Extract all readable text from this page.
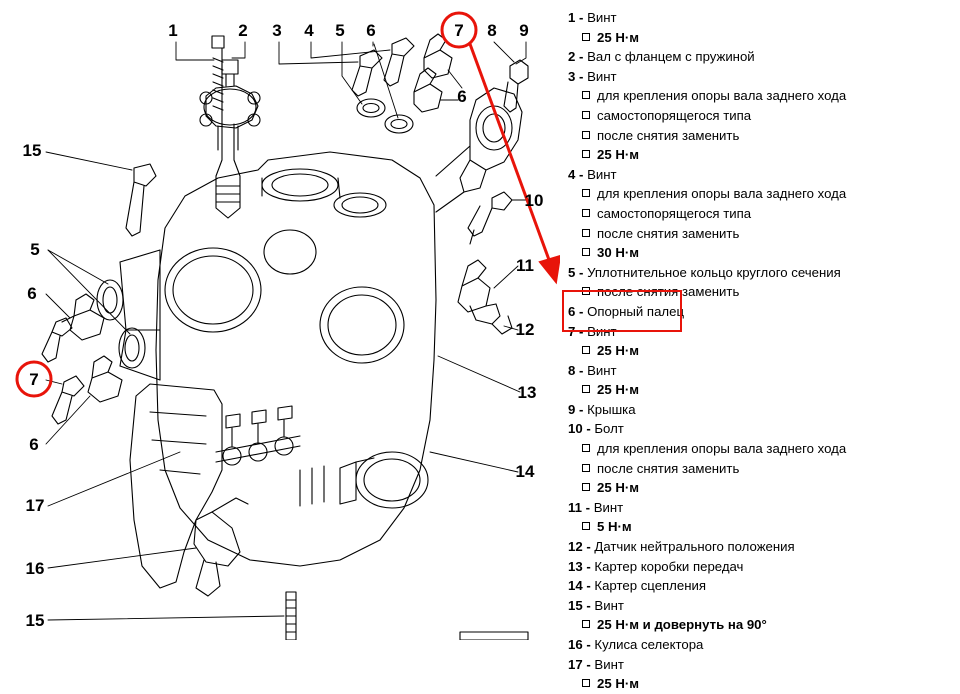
1	2 3 4 5 6	7 8 9
6
10
11
12
13
14
15
5
6
7
6
17
16
15
1 - Винт
25 Н·м
2 - Вал с фланцем с пружиной
3 - Винт
для крепления опоры вала заднего хода
самостопорящегося типа
после снятия заменить
25 Н·м
4 - Винт
для крепления опоры вала заднего хода
самостопорящегося типа
после снятия заменить
30 Н·м
5 - Уплотнительное кольцо круглого сечения
после снятия заменить
6 - Опорный палец
7 - Винт
25 Н·м
8 - Винт
25 Н·м
9 - Крышка
10 - Болт
для крепления опоры вала заднего хода
после снятия заменить
25 Н·м
11 - Винт
5 Н·м
12 - Датчик нейтрального положения
13 - Картер коробки передач
14 - Картер сцепления
15 - Винт
25 Н·м и довернуть на 90°
16 - Кулиса селектора
17 - Винт
25 Н·м
